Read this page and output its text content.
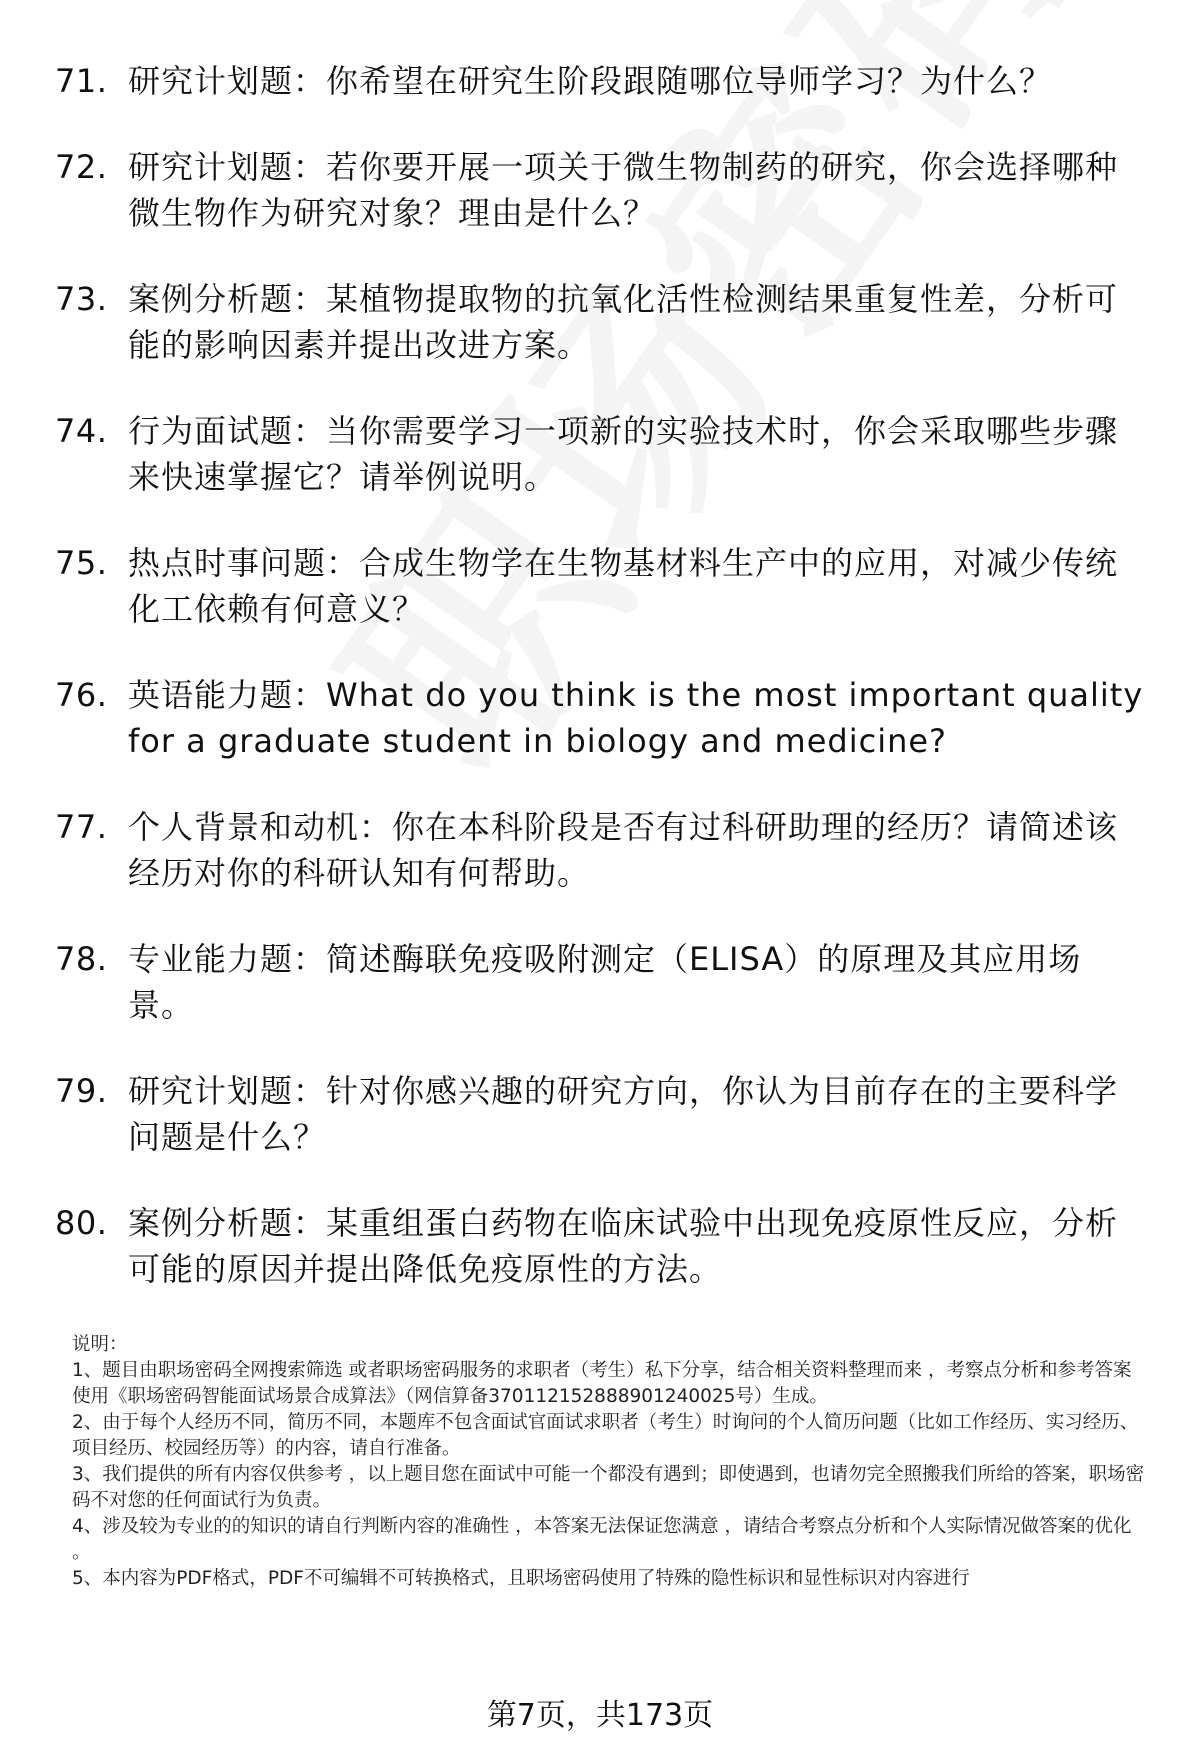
71. 研究计划题：你希望在研究生阶段跟随哪位导师学习？为什么？
72. 研究计划题：若你要开展一项关于微生物制药的研究，你会选择哪种微生物作为研究对象？理由是什么？
73. 案例分析题：某植物提取物的抗氧化活性检测结果重复性差，分析可能的影响因素并提出改进方案。
74. 行为面试题：当你需要学习一项新的实验技术时，你会采取哪些步骤来快速掌握它？请举例说明。
75. 热点时事问题：合成生物学在生物基材料生产中的应用，对减少传统化工依赖有何意义？
76. 英语能力题：What do you think is the most important quality for a graduate student in biology and medicine?
77. 个人背景和动机：你在本科阶段是否有过科研助理的经历？请简述该经历对你的科研认知有何帮助。
78. 专业能力题：简述酶联免疫吸附测定（ELISA）的原理及其应用场景。
79. 研究计划题：针对你感兴趣的研究方向，你认为目前存在的主要科学问题是什么？
80. 案例分析题：某重组蛋白药物在临床试验中出现免疫原性反应，分析可能的原因并提出降低免疫原性的方法。
说明：
1、题目由职场密码全网搜索筛选 或者职场密码服务的求职者（考生）私下分享，结合相关资料整理而来 ，考察点分析和参考答案使用《职场密码智能面试场景合成算法》（网信算备370112152888901240025号）生成。
2、由于每个人经历不同，简历不同，本题库不包含面试官面试求职者（考生）时询问的个人简历问题（比如工作经历、实习经历、项目经历、校园经历等）的内容，请自行准备。
3、我们提供的所有内容仅供参考 ，以上题目您在面试中可能一个都没有遇到；即使遇到，也请勿完全照搬我们所给的答案，职场密码不对您的任何面试行为负责。
4、涉及较为专业的的知识的请自行判断内容的准确性 ，本答案无法保证您满意 ，请结合考察点分析和个人实际情况做答案的优化 。
5、本内容为PDF格式，PDF不可编辑不可转换格式，且职场密码使用了特殊的隐性标识和显性标识对内容进行
第7页，共173页
